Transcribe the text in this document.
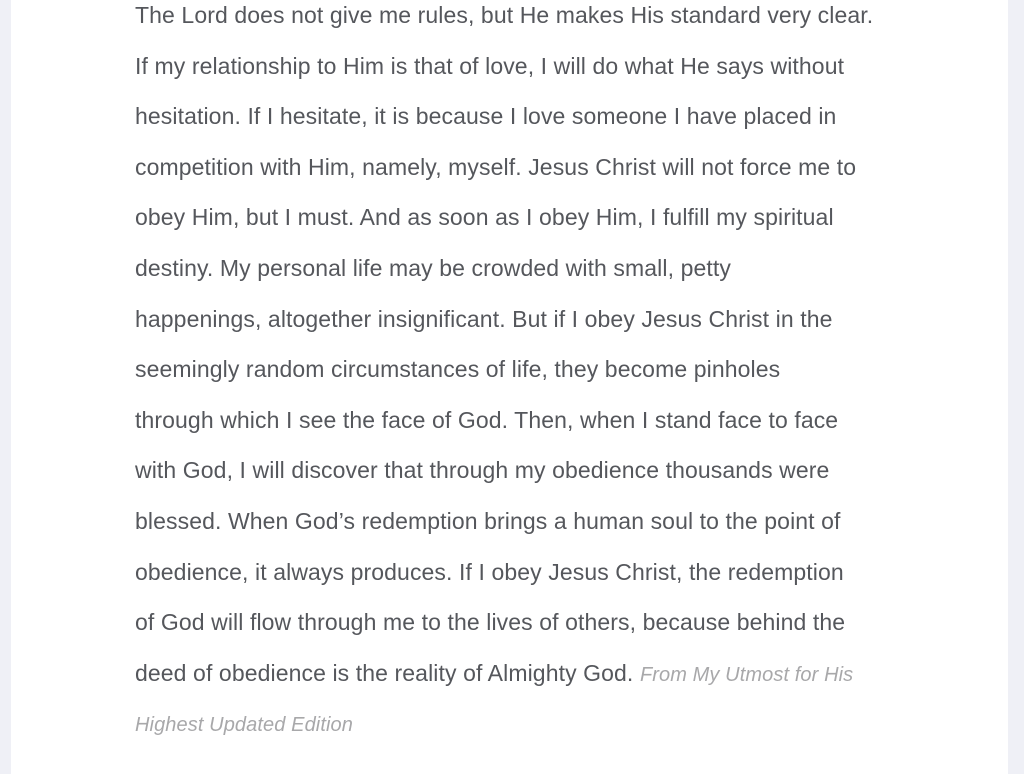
The Lord does not give me rules, but He makes His standard very clear.
If my relationship to Him is that of love, I will do what He says without
hesitation. If I hesitate, it is because I love someone I have placed in
competition with Him, namely, myself. Jesus Christ will not force me to
obey Him, but I must. And as soon as I obey Him, I fulfill my spiritual
destiny. My personal life may be crowded with small, petty
happenings, altogether insignificant. But if I obey Jesus Christ in the
seemingly random circumstances of life, they become pinholes
through which I see the face of God. Then, when I stand face to face
with God, I will discover that through my obedience thousands were
blessed. When God’s redemption brings a human soul to the point of
obedience, it always produces. If I obey Jesus Christ, the redemption
of God will flow through me to the lives of others, because behind the
deed of obedience is the reality of Almighty God. From My Utmost for His
Highest Updated Edition
